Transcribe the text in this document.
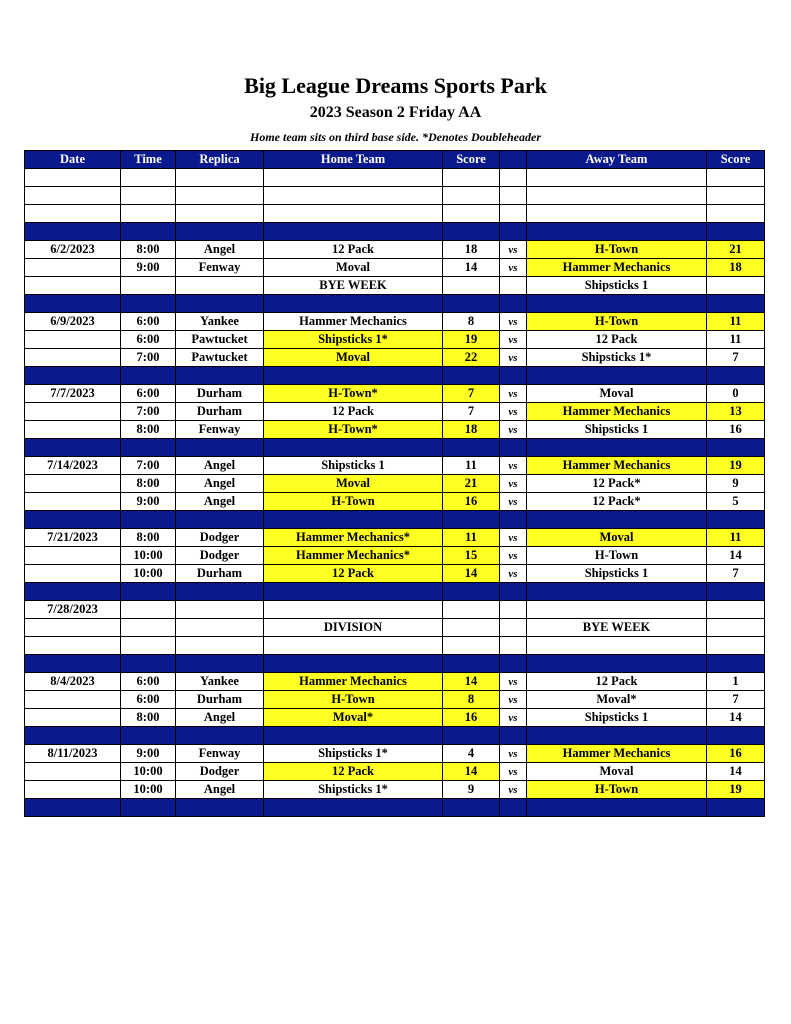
Big League Dreams Sports Park
2023 Season 2 Friday AA
Home team sits on third base side. *Denotes Doubleheader
Date	Time	Replica	Home Team	Score		Away Team	Score

6/2/2023	8:00	Angel	12 Pack	18	vs	H-Town	21
	9:00	Fenway	Moval	14	vs	Hammer Mechanics	18
			BYE WEEK			Shipsticks 1	

6/9/2023	6:00	Yankee	Hammer Mechanics	8	vs	H-Town	11
	6:00	Pawtucket	Shipsticks 1*	19	vs	12 Pack	11
	7:00	Pawtucket	Moval	22	vs	Shipsticks 1*	7

7/7/2023	6:00	Durham	H-Town*	7	vs	Moval	0
	7:00	Durham	12 Pack	7	vs	Hammer Mechanics	13
	8:00	Fenway	H-Town*	18	vs	Shipsticks 1	16

7/14/2023	7:00	Angel	Shipsticks 1	11	vs	Hammer Mechanics	19
	8:00	Angel	Moval	21	vs	12 Pack*	9
	9:00	Angel	H-Town	16	vs	12 Pack*	5

7/21/2023	8:00	Dodger	Hammer Mechanics*	11	vs	Moval	11
	10:00	Dodger	Hammer Mechanics*	15	vs	H-Town	14
	10:00	Durham	12 Pack	14	vs	Shipsticks 1	7

7/28/2023							
			DIVISION			BYE WEEK	

8/4/2023	6:00	Yankee	Hammer Mechanics	14	vs	12 Pack	1
	6:00	Durham	H-Town	8	vs	Moval*	7
	8:00	Angel	Moval*	16	vs	Shipsticks 1	14

8/11/2023	9:00	Fenway	Shipsticks 1*	4	vs	Hammer Mechanics	16
	10:00	Dodger	12 Pack	14	vs	Moval	14
	10:00	Angel	Shipsticks 1*	9	vs	H-Town	19
